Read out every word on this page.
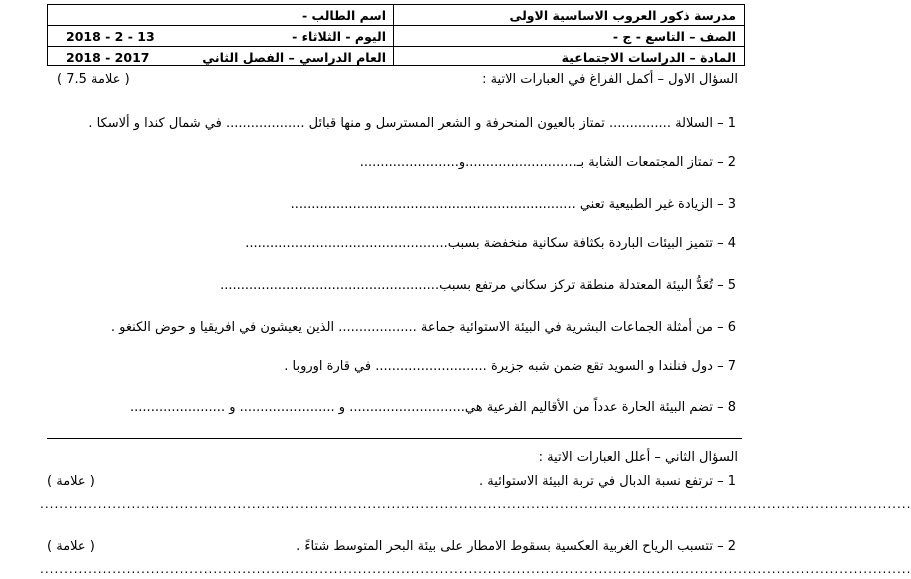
مدرسة ذكور العروب الاساسية الاولى
الصف – التاسع - ج -
المادة – الدراسات الاجتماعية
اسم الطالب -
اليوم - الثلاثاء -
العام الدراسي – الفصل الثاني
2018 - 2 - 13
2018 - 2017
السؤال الاول – أكمل الفراغ في العبارات الاتية :
( 7.5 علامة )
1 – السلالة ............... تمتاز بالعيون المنحرفة و الشعر المسترسل و منها قبائل ................... في شمال كندا و ألاسكا .
2 – تمتاز المجتمعات الشابة بـ...........................و........................
3 – الزيادة غير الطبيعية تعني .....................................................................
4 – تتميز البيئات الباردة بكثافة سكانية منخفضة بسبب.................................................
5 – تُعَدُّ البيئة المعتدلة منطقة تركز سكاني مرتفع بسبب.....................................................
6 – من أمثلة الجماعات البشرية في البيئة الاستوائية جماعة ................... الذين يعيشون في افريقيا و حوض الكنغو .
7 – دول فنلندا و السويد تقع ضمن شبه جزيرة ........................... في قارة اوروبا .
8 – تضم البيئة الحارة عدداً من الأقاليم الفرعية هي............................ و ....................... و .......................
السؤال الثاني – أعلل العبارات الاتية :
1 – ترتفع نسبة الدبال في تربة البيئة الاستوائية .
( علامة )
.....................................................................................................................................................................................
2 – تتسبب الرياح الغربية العكسية بسقوط الامطار على بيئة البحر المتوسط شتاءً .
( علامة )
.....................................................................................................................................................................................
